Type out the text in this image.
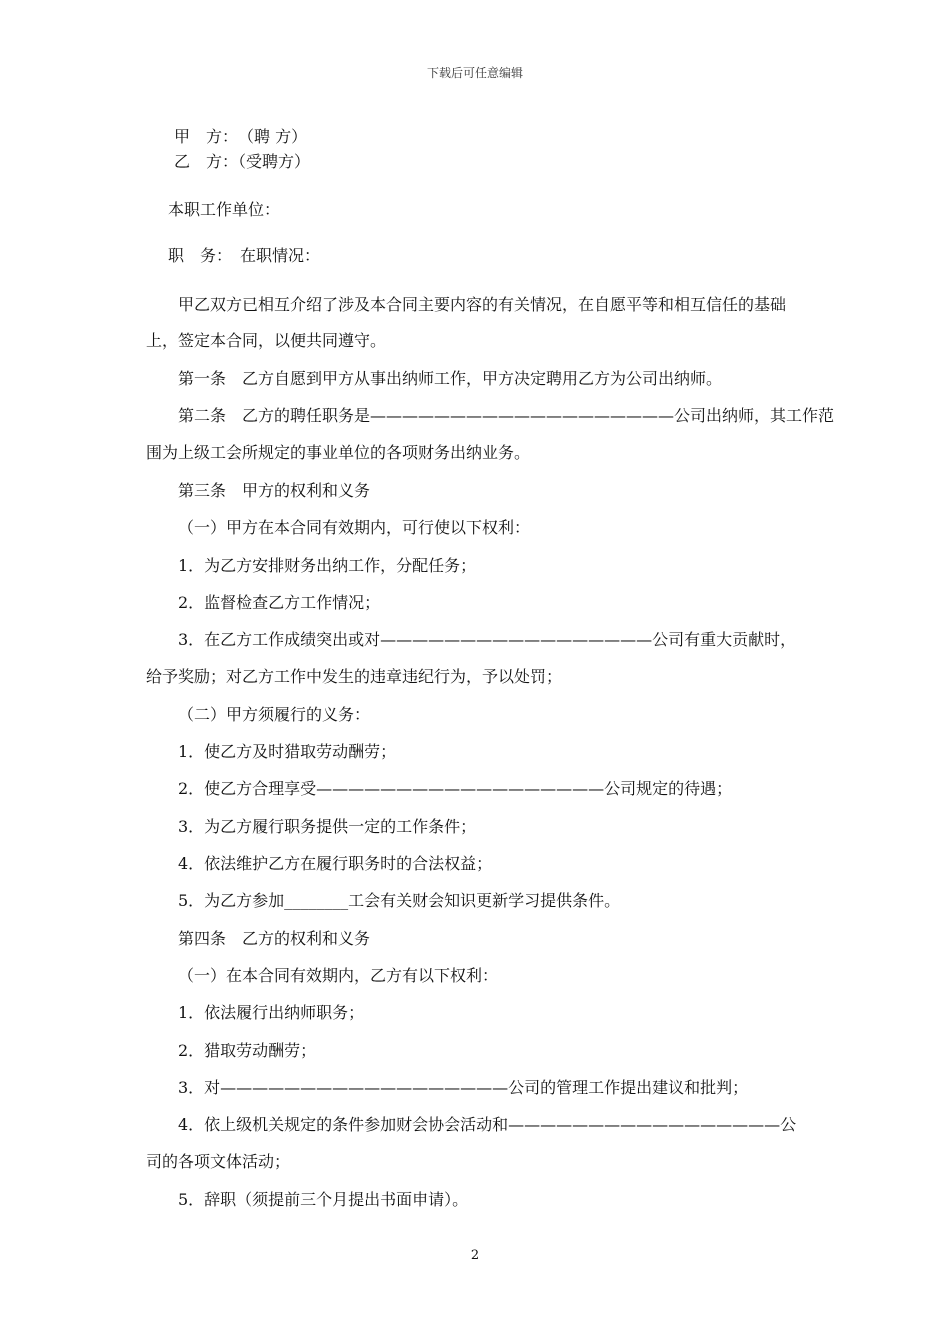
下载后可任意编辑
甲　方：　（聘 方）
乙　方：（受聘方）
本职工作单位：
职　务：　在职情况：
甲乙双方已相互介绍了涉及本合同主要内容的有关情况，在自愿平等和相互信任的基础
上，签定本合同，以便共同遵守。
第一条　乙方自愿到甲方从事出纳师工作，甲方决定聘用乙方为公司出纳师。
第二条　乙方的聘任职务是———————————————————公司出纳师，其工作范
围为上级工会所规定的事业单位的各项财务出纳业务。
第三条　甲方的权利和义务
（一）甲方在本合同有效期内，可行使以下权利：
1．为乙方安排财务出纳工作，分配任务；
2．监督检查乙方工作情况；
3．在乙方工作成绩突出或对—————————————————公司有重大贡献时，
给予奖励；对乙方工作中发生的违章违纪行为，予以处罚；
（二）甲方须履行的义务：
1．使乙方及时猎取劳动酬劳；
2．使乙方合理享受——————————————————公司规定的待遇；
3．为乙方履行职务提供一定的工作条件；
4．依法维护乙方在履行职务时的合法权益；
5．为乙方参加________工会有关财会知识更新学习提供条件。
第四条　乙方的权利和义务
（一）在本合同有效期内，乙方有以下权利：
1．依法履行出纳师职务；
2．猎取劳动酬劳；
3．对——————————————————公司的管理工作提出建议和批判；
4．依上级机关规定的条件参加财会协会活动和—————————————————公
司的各项文体活动；
5．辞职（须提前三个月提出书面申请）。
2
